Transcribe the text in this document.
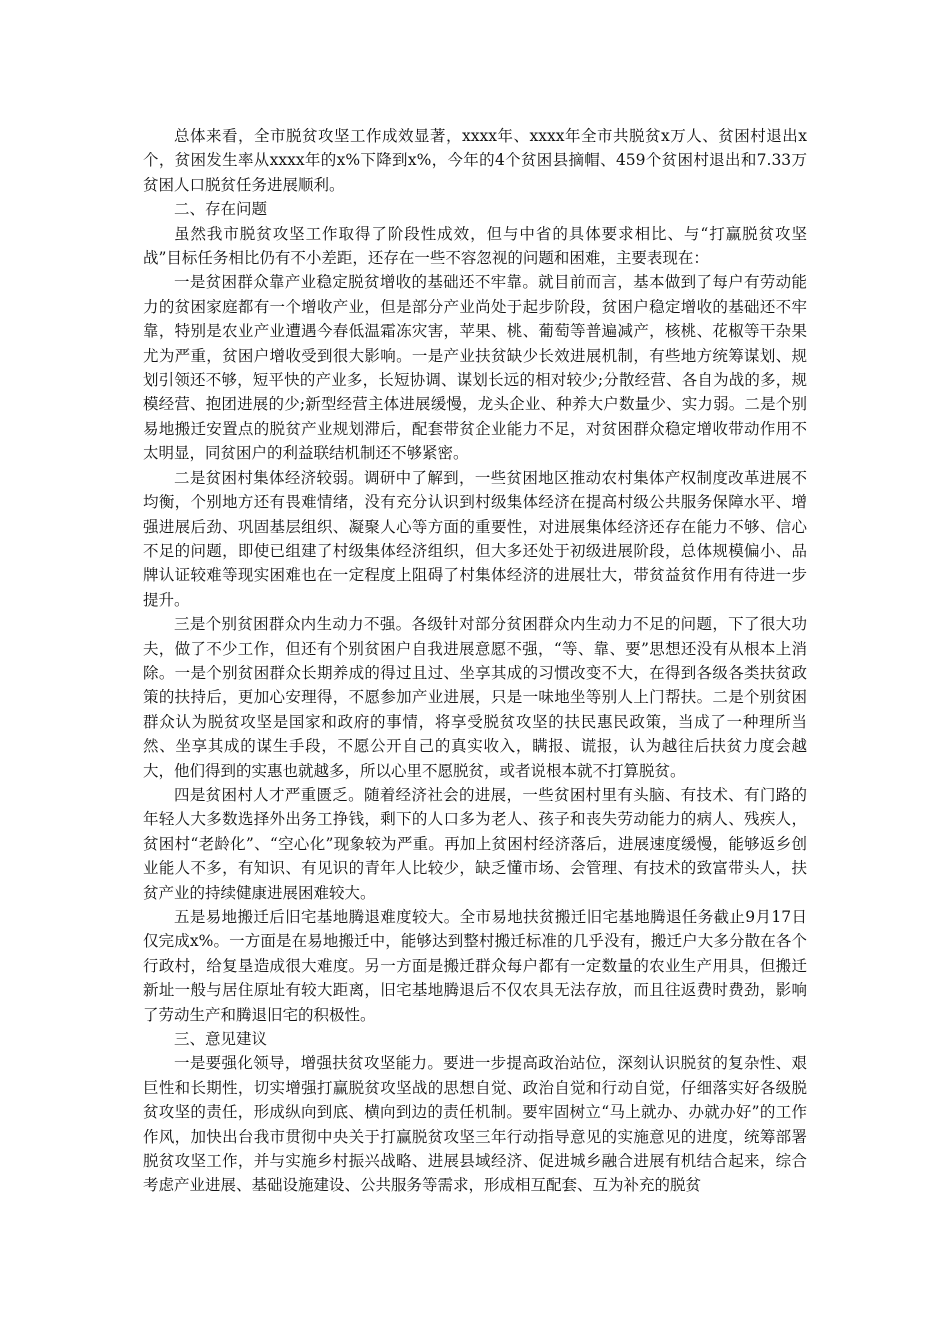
总体来看，全市脱贫攻坚工作成效显著，xxxx年、xxxx年全市共脱贫x万人、贫困村退出x个，贫困发生率从xxxx年的x%下降到x%，今年的4个贫困县摘帽、459个贫困村退出和7.33万贫困人口脱贫任务进展顺利。

二、存在问题

虽然我市脱贫攻坚工作取得了阶段性成效，但与中省的具体要求相比、与“打赢脱贫攻坚战”目标任务相比仍有不小差距，还存在一些不容忽视的问题和困难，主要表现在：

一是贫困群众靠产业稳定脱贫增收的基础还不牢靠。就目前而言，基本做到了每户有劳动能力的贫困家庭都有一个增收产业，但是部分产业尚处于起步阶段，贫困户稳定增收的基础还不牢靠，特别是农业产业遭遇今春低温霜冻灾害，苹果、桃、葡萄等普遍减产，核桃、花椒等干杂果尤为严重，贫困户增收受到很大影响。一是产业扶贫缺少长效进展机制，有些地方统筹谋划、规划引领还不够，短平快的产业多，长短协调、谋划长远的相对较少;分散经营、各自为战的多，规模经营、抱团进展的少;新型经营主体进展缓慢，龙头企业、种养大户数量少、实力弱。二是个别易地搬迁安置点的脱贫产业规划滞后，配套带贫企业能力不足，对贫困群众稳定增收带动作用不太明显，同贫困户的利益联结机制还不够紧密。

二是贫困村集体经济较弱。调研中了解到，一些贫困地区推动农村集体产权制度改革进展不均衡，个别地方还有畏难情绪，没有充分认识到村级集体经济在提高村级公共服务保障水平、增强进展后劲、巩固基层组织、凝聚人心等方面的重要性，对进展集体经济还存在能力不够、信心不足的问题，即使已组建了村级集体经济组织，但大多还处于初级进展阶段，总体规模偏小、品牌认证较难等现实困难也在一定程度上阻碍了村集体经济的进展壮大，带贫益贫作用有待进一步提升。

三是个别贫困群众内生动力不强。各级针对部分贫困群众内生动力不足的问题，下了很大功夫，做了不少工作，但还有个别贫困户自我进展意愿不强，“等、靠、要”思想还没有从根本上消除。一是个别贫困群众长期养成的得过且过、坐享其成的习惯改变不大，在得到各级各类扶贫政策的扶持后，更加心安理得，不愿参加产业进展，只是一味地坐等别人上门帮扶。二是个别贫困群众认为脱贫攻坚是国家和政府的事情，将享受脱贫攻坚的扶民惠民政策，当成了一种理所当然、坐享其成的谋生手段，不愿公开自己的真实收入，瞒报、谎报，认为越往后扶贫力度会越大，他们得到的实惠也就越多，所以心里不愿脱贫，或者说根本就不打算脱贫。

四是贫困村人才严重匮乏。随着经济社会的进展，一些贫困村里有头脑、有技术、有门路的年轻人大多数选择外出务工挣钱，剩下的人口多为老人、孩子和丧失劳动能力的病人、残疾人，贫困村“老龄化”、“空心化”现象较为严重。再加上贫困村经济落后，进展速度缓慢，能够返乡创业能人不多，有知识、有见识的青年人比较少，缺乏懂市场、会管理、有技术的致富带头人，扶贫产业的持续健康进展困难较大。

五是易地搬迁后旧宅基地腾退难度较大。全市易地扶贫搬迁旧宅基地腾退任务截止9月17日仅完成x%。一方面是在易地搬迁中，能够达到整村搬迁标准的几乎没有，搬迁户大多分散在各个行政村，给复垦造成很大难度。另一方面是搬迁群众每户都有一定数量的农业生产用具，但搬迁新址一般与居住原址有较大距离，旧宅基地腾退后不仅农具无法存放，而且往返费时费劲，影响了劳动生产和腾退旧宅的积极性。

三、意见建议

一是要强化领导，增强扶贫攻坚能力。要进一步提高政治站位，深刻认识脱贫的复杂性、艰巨性和长期性，切实增强打赢脱贫攻坚战的思想自觉、政治自觉和行动自觉，仔细落实好各级脱贫攻坚的责任，形成纵向到底、横向到边的责任机制。要牢固树立“马上就办、办就办好”的工作作风，加快出台我市贯彻中央关于打赢脱贫攻坚三年行动指导意见的实施意见的进度，统筹部署脱贫攻坚工作，并与实施乡村振兴战略、进展县域经济、促进城乡融合进展有机结合起来，综合考虑产业进展、基础设施建设、公共服务等需求，形成相互配套、互为补充的脱贫
